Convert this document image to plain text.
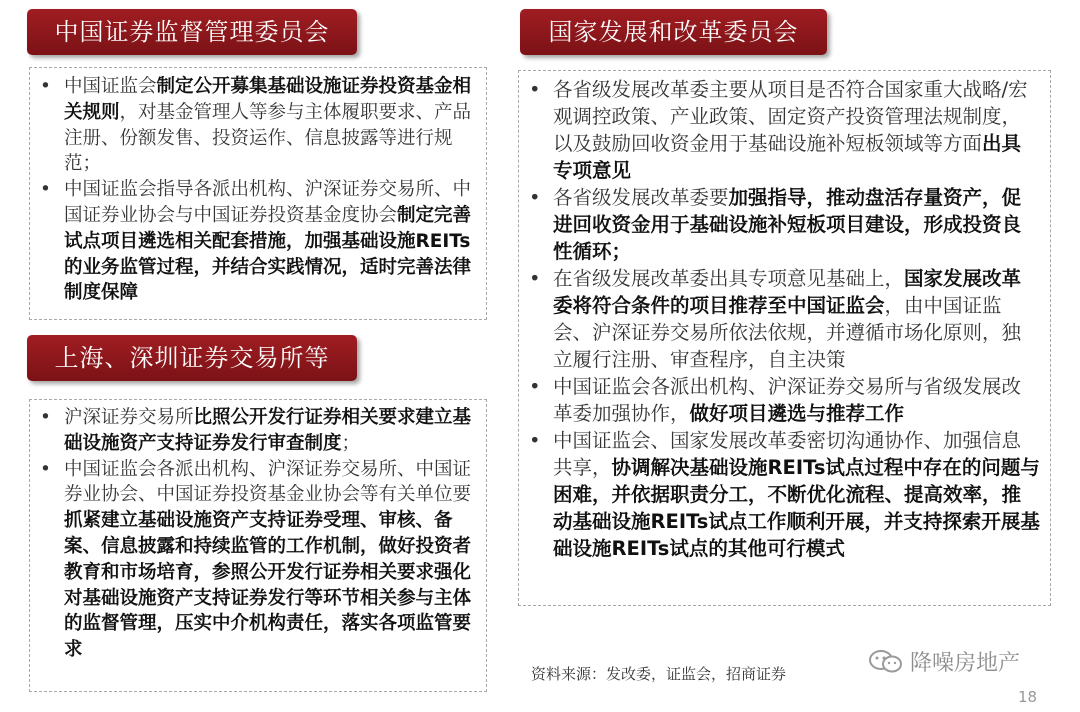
中国证券监督管理委员会	国家发展和改革委员会
• 中国证监会制定公开募集基础设施证券投资基金相关规则，对基金管理人等参与主体履职要求、产品注册、份额发售、投资运作、信息披露等进行规范；
• 中国证监会指导各派出机构、沪深证券交易所、中国证券业协会与中国证券投资基金度协会制定完善试点项目遴选相关配套措施，加强基础设施REITs的业务监管过程，并结合实践情况，适时完善法律制度保障
上海、深圳证券交易所等
• 沪深证券交易所比照公开发行证券相关要求建立基础设施资产支持证券发行审查制度；
• 中国证监会各派出机构、沪深证券交易所、中国证券业协会、中国证券投资基金业协会等有关单位要抓紧建立基础设施资产支持证券受理、审核、备案、信息披露和持续监管的工作机制，做好投资者教育和市场培育，参照公开发行证券相关要求强化对基础设施资产支持证券发行等环节相关参与主体的监督管理，压实中介机构责任，落实各项监管要求
• 各省级发展改革委主要从项目是否符合国家重大战略/宏观调控政策、产业政策、固定资产投资管理法规制度，以及鼓励回收资金用于基础设施补短板领域等方面出具专项意见
• 各省级发展改革委要加强指导，推动盘活存量资产，促进回收资金用于基础设施补短板项目建设，形成投资良性循环；
• 在省级发展改革委出具专项意见基础上，国家发展改革委将符合条件的项目推荐至中国证监会，由中国证监会、沪深证券交易所依法依规，并遵循市场化原则，独立履行注册、审查程序，自主决策
• 中国证监会各派出机构、沪深证券交易所与省级发展改革委加强协作，做好项目遴选与推荐工作
• 中国证监会、国家发展改革委密切沟通协作、加强信息共享，协调解决基础设施REITs试点过程中存在的问题与困难，并依据职责分工，不断优化流程、提高效率，推动基础设施REITs试点工作顺利开展，并支持探索开展基础设施REITs试点的其他可行模式
资料来源：发改委，证监会，招商证券	降噪房地产
18
